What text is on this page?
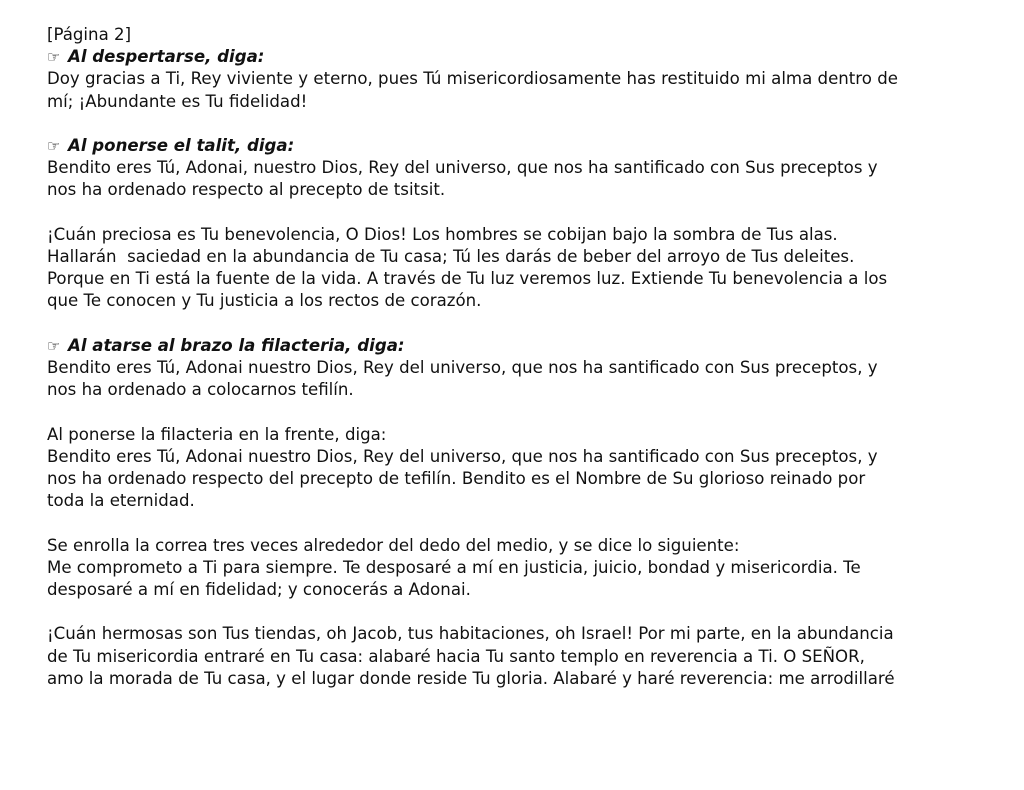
[Página 2]
☞ Al despertarse, diga:
Doy gracias a Ti, Rey viviente y eterno, pues Tú misericordiosamente has restituido mi alma dentro de
mí; ¡Abundante es Tu fidelidad!
☞ Al ponerse el talit, diga:
Bendito eres Tú, Adonai, nuestro Dios, Rey del universo, que nos ha santificado con Sus preceptos y
nos ha ordenado respecto al precepto de tsitsit.
¡Cuán preciosa es Tu benevolencia, O Dios! Los hombres se cobijan bajo la sombra de Tus alas.
Hallarán  saciedad en la abundancia de Tu casa; Tú les darás de beber del arroyo de Tus deleites.
Porque en Ti está la fuente de la vida. A través de Tu luz veremos luz. Extiende Tu benevolencia a los
que Te conocen y Tu justicia a los rectos de corazón.
☞ Al atarse al brazo la filacteria, diga:
Bendito eres Tú, Adonai nuestro Dios, Rey del universo, que nos ha santificado con Sus preceptos, y
nos ha ordenado a colocarnos tefilín.
Al ponerse la filacteria en la frente, diga:
Bendito eres Tú, Adonai nuestro Dios, Rey del universo, que nos ha santificado con Sus preceptos, y
nos ha ordenado respecto del precepto de tefilín. Bendito es el Nombre de Su glorioso reinado por
toda la eternidad.
Se enrolla la correa tres veces alrededor del dedo del medio, y se dice lo siguiente:
Me comprometo a Ti para siempre. Te desposaré a mí en justicia, juicio, bondad y misericordia. Te
desposaré a mí en fidelidad; y conocerás a Adonai.
¡Cuán hermosas son Tus tiendas, oh Jacob, tus habitaciones, oh Israel! Por mi parte, en la abundancia
de Tu misericordia entraré en Tu casa: alabaré hacia Tu santo templo en reverencia a Ti. O SEÑOR,
amo la morada de Tu casa, y el lugar donde reside Tu gloria. Alabaré y haré reverencia: me arrodillaré
